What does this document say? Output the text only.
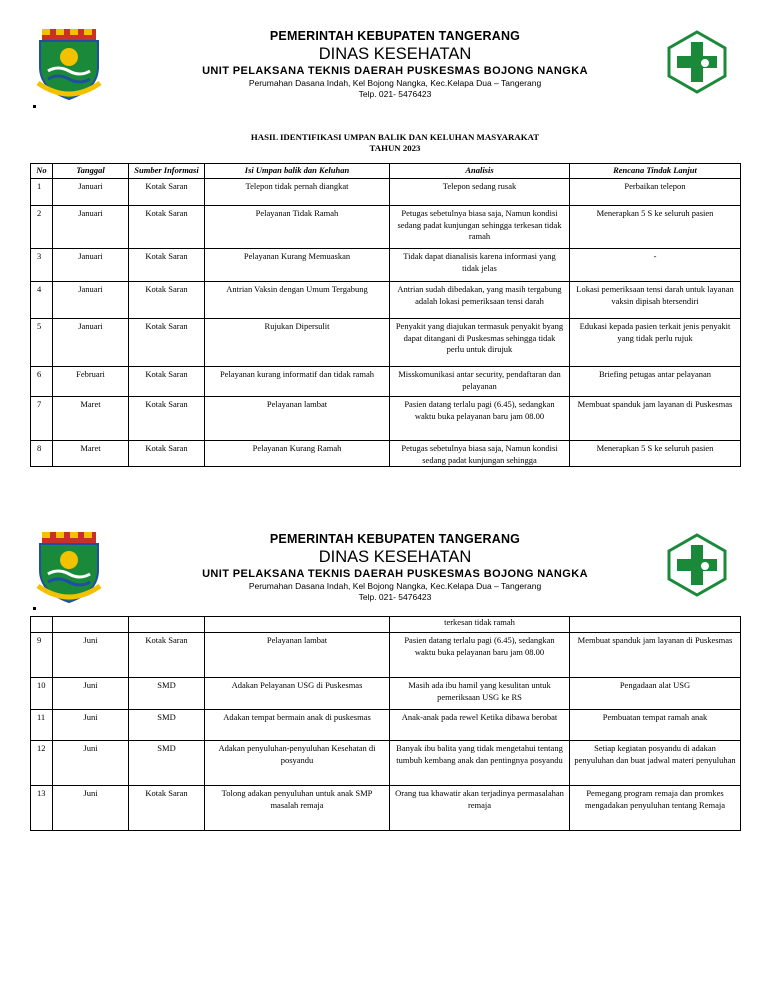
PEMERINTAH KEBUPATEN TANGERANG
DINAS KESEHATAN
UNIT PELAKSANA TEKNIS DAERAH PUSKESMAS BOJONG NANGKA
Perumahan Dasana Indah, Kel Bojong Nangka, Kec.Kelapa Dua – Tangerang
Telp. 021- 5476423
HASIL IDENTIFIKASI UMPAN BALIK DAN KELUHAN MASYARAKAT
TAHUN 2023
No	Tanggal	Sumber Informasi	Isi Umpan balik dan Keluhan	Analisis	Rencana Tindak Lanjut
1	Januari	Kotak Saran	Telepon tidak pernah diangkat	Telepon sedang rusak	Perbaikan telepon
2	Januari	Kotak Saran	Pelayanan Tidak Ramah	Petugas sebetulnya biasa saja, Namun kondisi sedang padat kunjungan sehingga terkesan tidak ramah	Menerapkan 5 S ke seluruh pasien
3	Januari	Kotak Saran	Pelayanan Kurang Memuaskan	Tidak dapat dianalisis karena informasi yang tidak jelas	-
4	Januari	Kotak Saran	Antrian Vaksin dengan Umum Tergabung	Antrian sudah dibedakan, yang masih tergabung adalah lokasi pemeriksaan tensi darah	Lokasi pemeriksaan tensi darah untuk layanan vaksin dipisah btersendiri
5	Januari	Kotak Saran	Rujukan Dipersulit	Penyakit yang diajukan termasuk penyakit byang dapat ditangani di Puskesmas sehingga tidak perlu untuk dirujuk	Edukasi kepada pasien terkait jenis penyakit yang tidak perlu rujuk
6	Februari	Kotak Saran	Pelayanan kurang informatif dan tidak ramah	Misskomunikasi antar security, pendaftaran dan pelayanan	Briefing petugas antar pelayanan
7	Maret	Kotak Saran	Pelayanan lambat	Pasien datang terlalu pagi (6.45), sedangkan waktu buka pelayanan baru jam 08.00	Membuat spanduk jam layanan di Puskesmas
8	Maret	Kotak Saran	Pelayanan Kurang Ramah	Petugas sebetulnya biasa saja, Namun kondisi sedang padat kunjungan sehingga	Menerapkan 5 S ke seluruh pasien
PEMERINTAH KEBUPATEN TANGERANG
DINAS KESEHATAN
UNIT PELAKSANA TEKNIS DAERAH PUSKESMAS BOJONG NANGKA
Perumahan Dasana Indah, Kel Bojong Nangka, Kec.Kelapa Dua – Tangerang
Telp. 021- 5476423
				terkesan tidak ramah	
9	Juni	Kotak Saran	Pelayanan lambat	Pasien datang terlalu pagi (6.45), sedangkan waktu buka pelayanan baru jam 08.00	Membuat spanduk jam layanan di Puskesmas
10	Juni	SMD	Adakan Pelayanan USG di Puskesmas	Masih ada ibu hamil yang kesulitan untuk pemeriksaan USG ke RS	Pengadaan alat USG
11	Juni	SMD	Adakan tempat bermain anak di puskesmas	Anak-anak pada rewel Ketika dibawa berobat	Pembuatan tempat ramah anak
12	Juni	SMD	Adakan penyuluhan-penyuluhan Kesehatan di posyandu	Banyak ibu balita yang tidak mengetahui tentang tumbuh kembang anak dan pentingnya posyandu	Setiap kegiatan posyandu di adakan penyuluhan dan buat jadwal materi penyuluhan
13	Juni	Kotak Saran	Tolong adakan penyuluhan untuk anak SMP masalah remaja	Orang tua khawatir akan terjadinya permasalahan remaja	Pemegang program remaja dan promkes mengadakan penyuluhan tentang Remaja
